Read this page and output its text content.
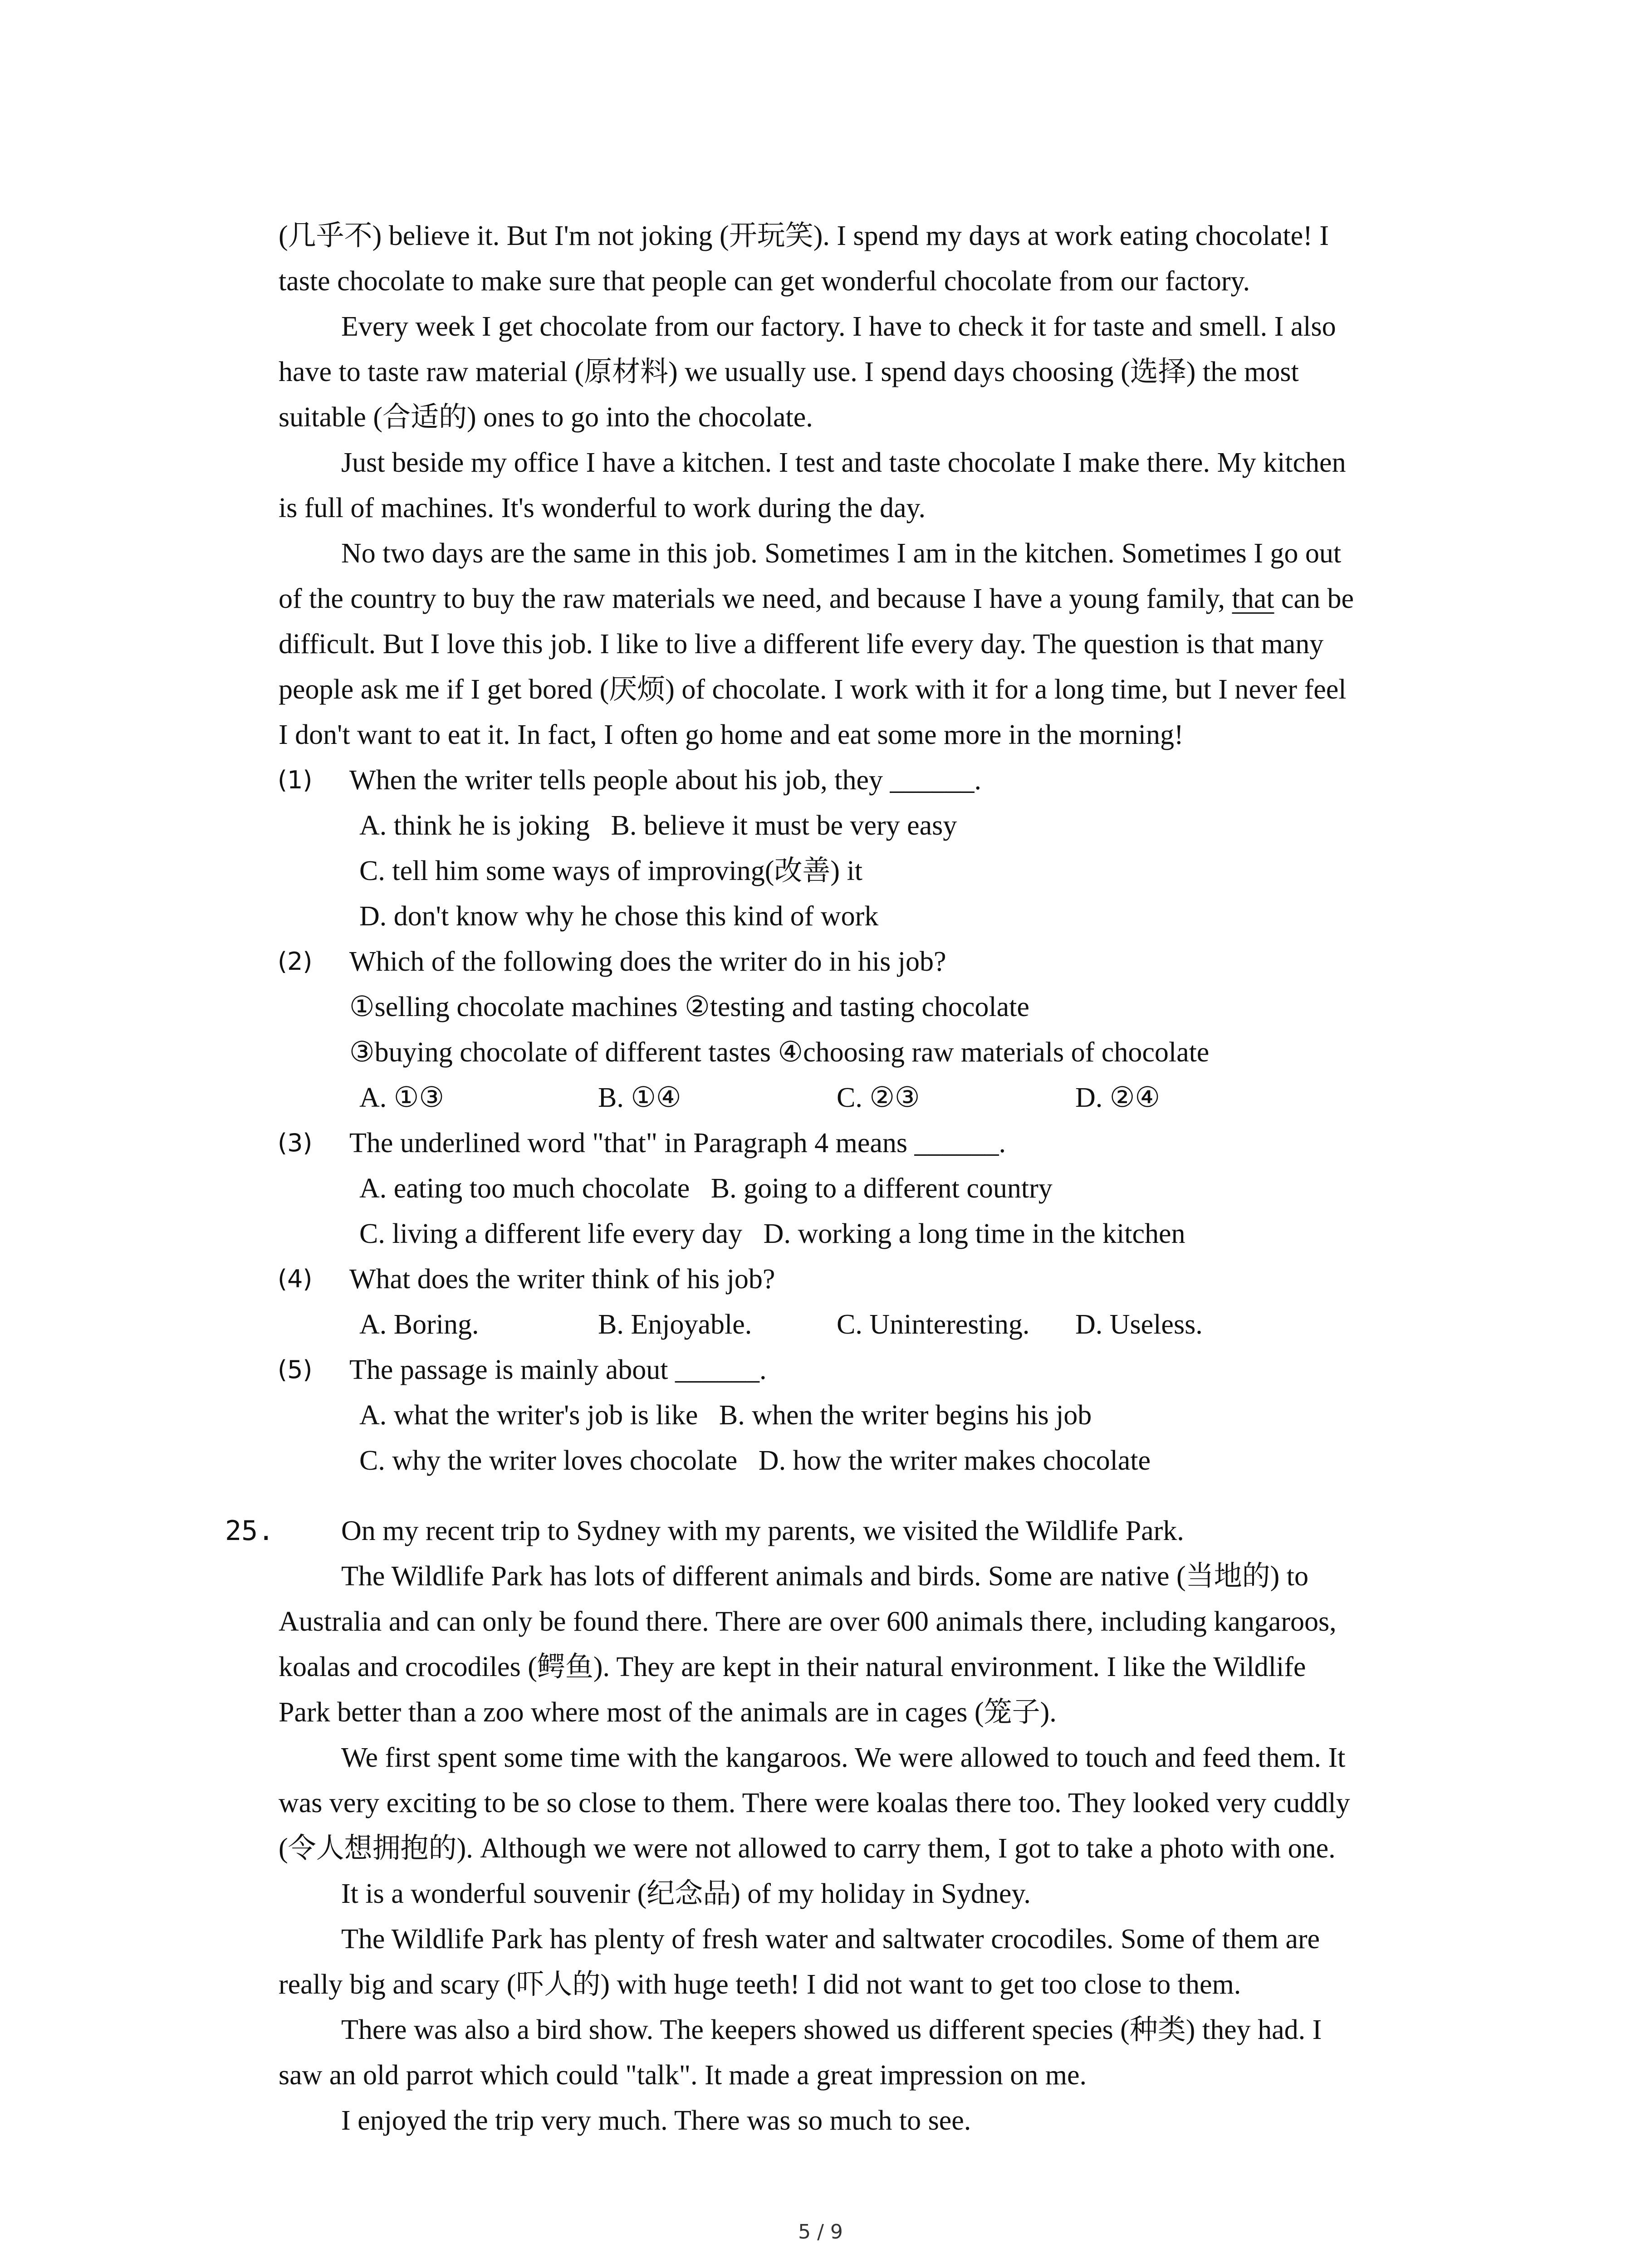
(几乎不) believe it. But I'm not joking (开玩笑). I spend my days at work eating chocolate! I
taste chocolate to make sure that people can get wonderful chocolate from our factory.
Every week I get chocolate from our factory. I have to check it for taste and smell. I also
have to taste raw material (原材料) we usually use. I spend days choosing (选择) the most
suitable (合适的) ones to go into the chocolate.
Just beside my office I have a kitchen. I test and taste chocolate I make there. My kitchen
is full of machines. It's wonderful to work during the day.
No two days are the same in this job. Sometimes I am in the kitchen. Sometimes I go out
of the country to buy the raw materials we need, and because I have a young family, that can be
difficult. But I love this job. I like to live a different life every day. The question is that many
people ask me if I get bored (厌烦) of chocolate. I work with it for a long time, but I never feel
I don't want to eat it. In fact, I often go home and eat some more in the morning!
(1) When the writer tells people about his job, they ______.
A. think he is joking   B. believe it must be very easy
C. tell him some ways of improving(改善) it
D. don't know why he chose this kind of work
(2) Which of the following does the writer do in his job?
①selling chocolate machines ②testing and tasting chocolate
③buying chocolate of different tastes ④choosing raw materials of chocolate
A. ①③	B. ①④	C. ②③	D. ②④
(3) The underlined word "that" in Paragraph 4 means ______.
A. eating too much chocolate   B. going to a different country
C. living a different life every day   D. working a long time in the kitchen
(4) What does the writer think of his job?
A. Boring.	B. Enjoyable.	C. Uninteresting. D. Useless.
(5) The passage is mainly about ______.
A. what the writer's job is like   B. when the writer begins his job
C. why the writer loves chocolate   D. how the writer makes chocolate
25. On my recent trip to Sydney with my parents, we visited the Wildlife Park.
The Wildlife Park has lots of different animals and birds. Some are native (当地的) to
Australia and can only be found there. There are over 600 animals there, including kangaroos,
koalas and crocodiles (鳄鱼). They are kept in their natural environment. I like the Wildlife
Park better than a zoo where most of the animals are in cages (笼子).
We first spent some time with the kangaroos. We were allowed to touch and feed them. It
was very exciting to be so close to them. There were koalas there too. They looked very cuddly
(令人想拥抱的). Although we were not allowed to carry them, I got to take a photo with one.
It is a wonderful souvenir (纪念品) of my holiday in Sydney.
The Wildlife Park has plenty of fresh water and saltwater crocodiles. Some of them are
really big and scary (吓人的) with huge teeth! I did not want to get too close to them.
There was also a bird show. The keepers showed us different species (种类) they had. I
saw an old parrot which could "talk". It made a great impression on me.
I enjoyed the trip very much. There was so much to see.
5 / 9
